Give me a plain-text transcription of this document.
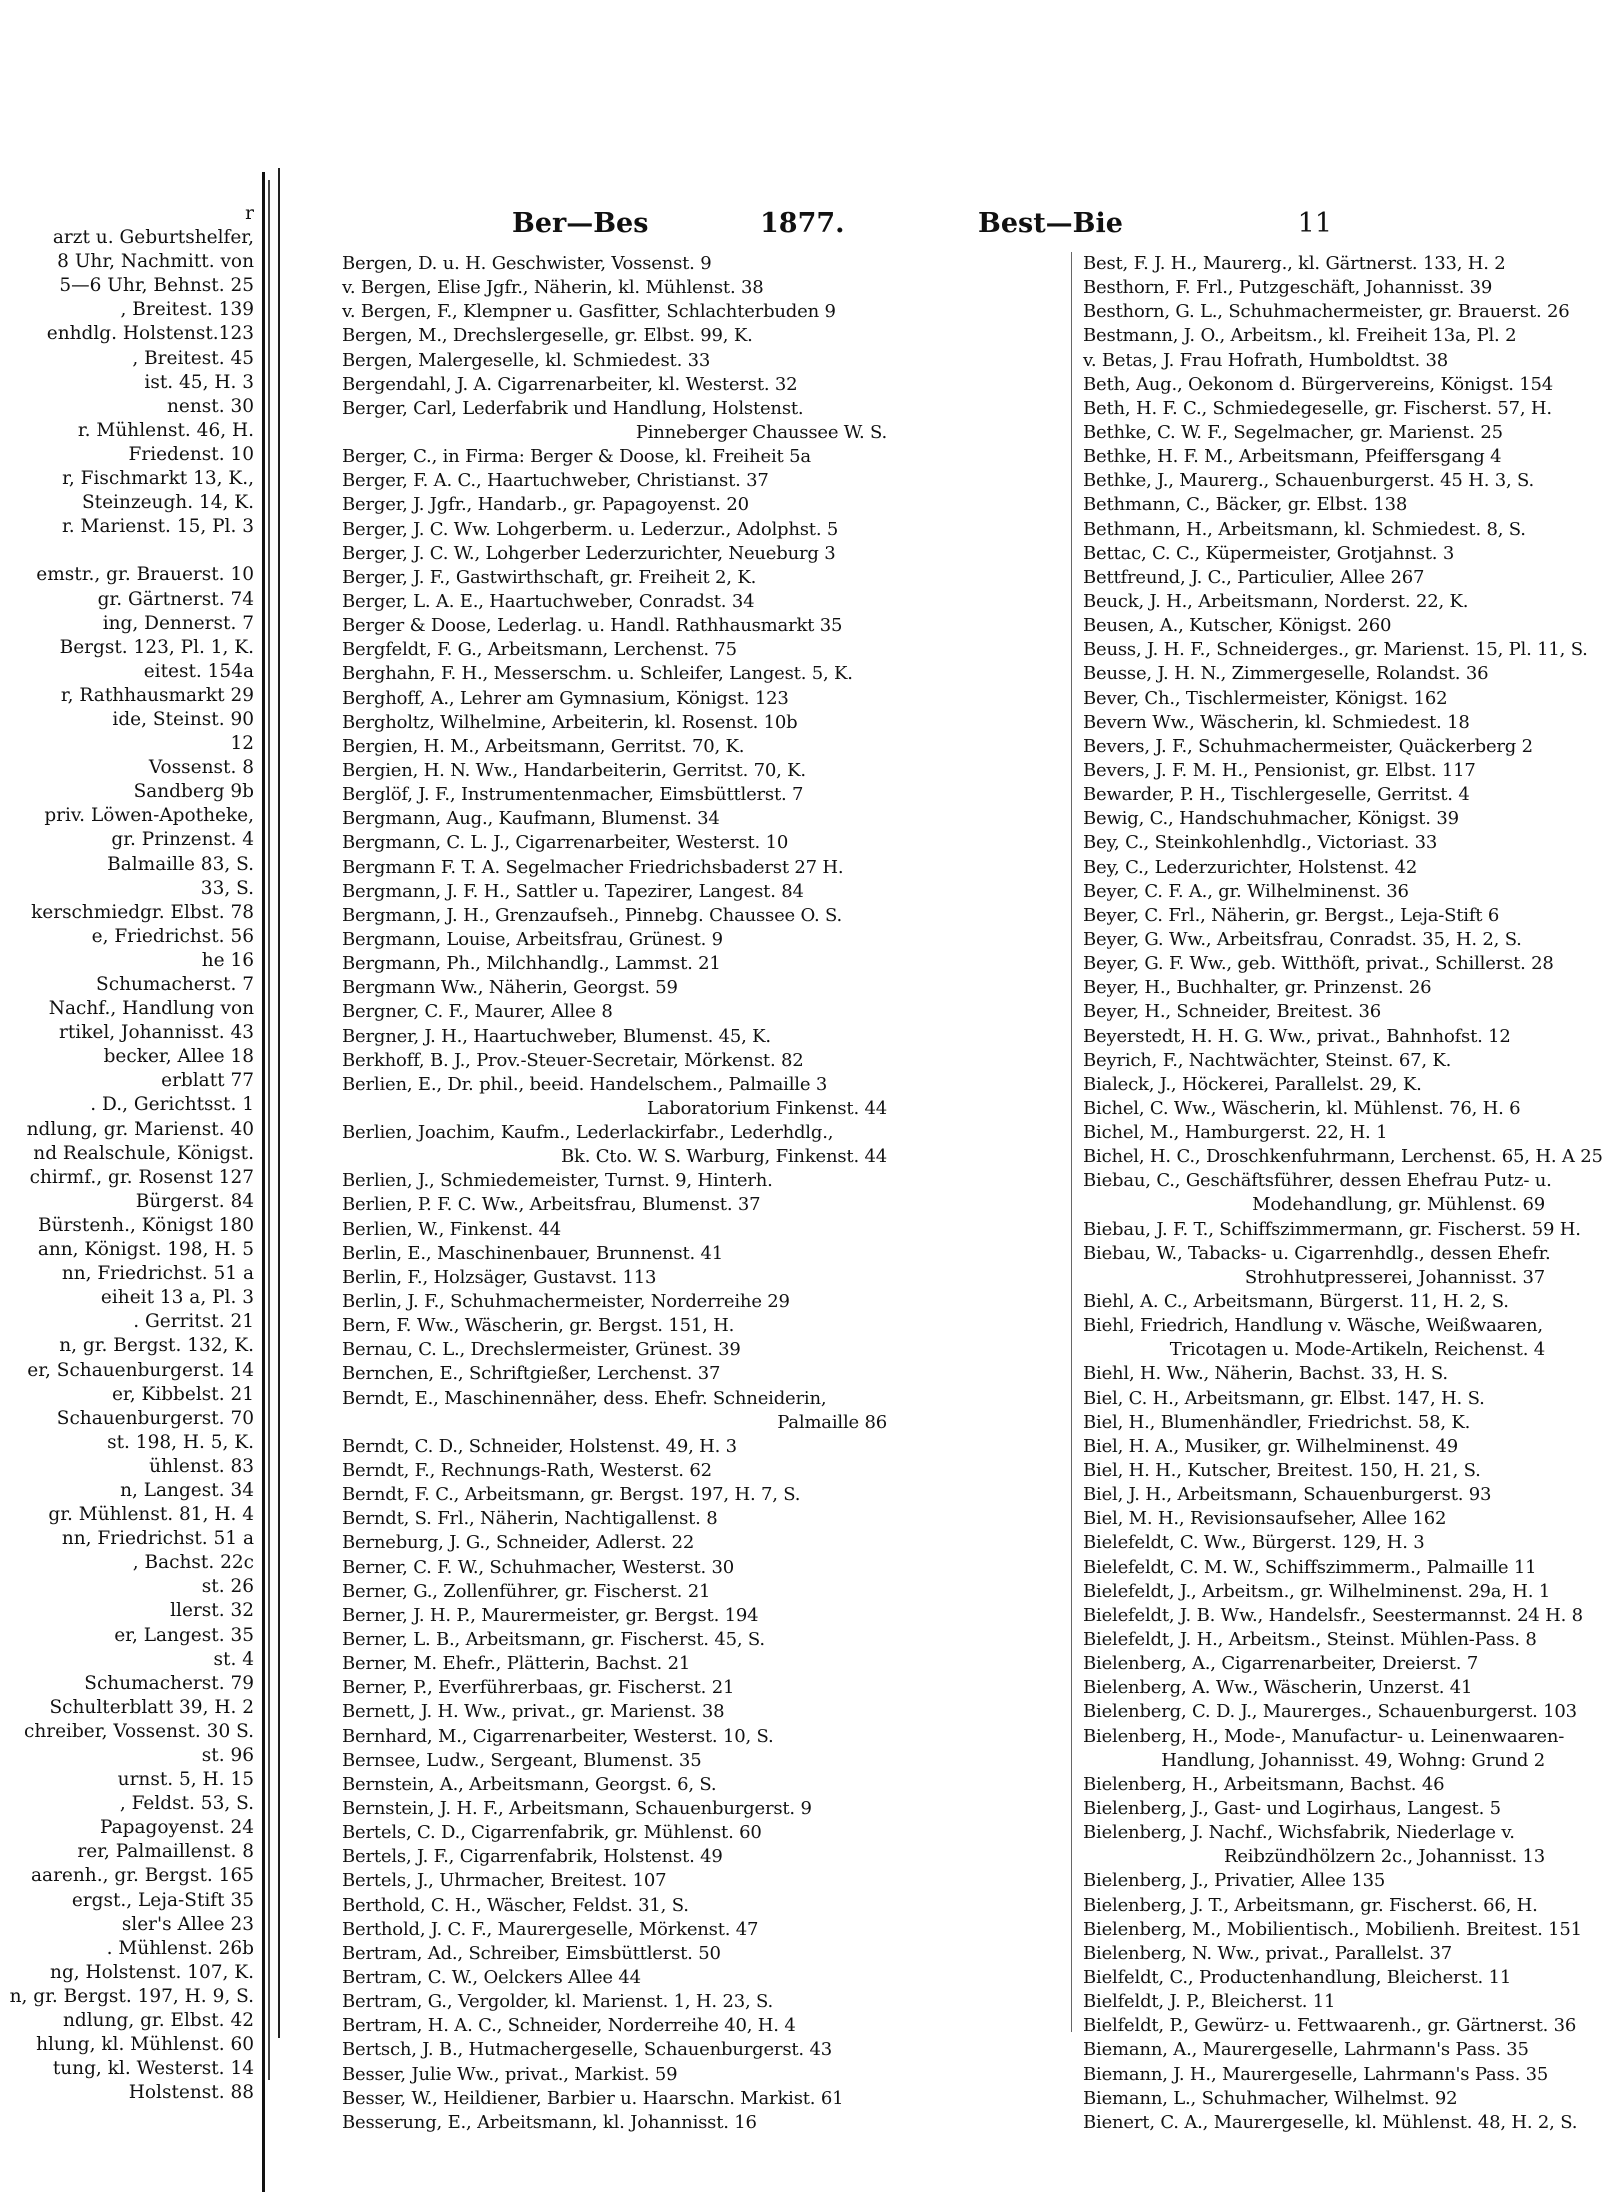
r
arzt u. Geburtshelfer,
8 Uhr, Nachmitt. von
5—6 Uhr, Behnst. 25
, Breitest. 139
enhdlg. Holstenst.123
, Breitest. 45
ist. 45, H. 3
nenst. 30
r. Mühlenst. 46, H.
Friedenst. 10
r, Fischmarkt 13, K.,
Steinzeugh. 14, K.
r. Marienst. 15, Pl. 3
emstr., gr. Brauerst. 10
gr. Gärtnerst. 74
ing, Dennerst. 7
Bergst. 123, Pl. 1, K.
eitest. 154a
r, Rathhausmarkt 29
ide, Steinst. 90
12
Vossenst. 8
Sandberg 9b
priv. Löwen-Apotheke,
gr. Prinzenst. 4
Balmaille 83, S.
33, S.
kerschmiedgr. Elbst. 78
e, Friedrichst. 56
he 16
Schumacherst. 7
Nachf., Handlung von
rtikel, Johannisst. 43
becker, Allee 18
erblatt 77
. D., Gerichtsst. 1
ndlung, gr. Marienst. 40
nd Realschule, Königst.
chirmf., gr. Rosenst 127
Bürgerst. 84
Bürstenh., Königst 180
ann, Königst. 198, H. 5
nn, Friedrichst. 51 a
eiheit 13 a, Pl. 3
. Gerritst. 21
n, gr. Bergst. 132, K.
er, Schauenburgerst. 14
er, Kibbelst. 21
Schauenburgerst. 70
st. 198, H. 5, K.
ühlenst. 83
n, Langest. 34
gr. Mühlenst. 81, H. 4
nn, Friedrichst. 51 a
, Bachst. 22c
st. 26
llerst. 32
er, Langest. 35
st. 4
Schumacherst. 79
Schulterblatt 39, H. 2
chreiber, Vossenst. 30 S.
st. 96
urnst. 5, H. 15
, Feldst. 53, S.
Papagoyenst. 24
rer, Palmaillenst. 8
aarenh., gr. Bergst. 165
ergst., Leja-Stift 35
sler's Allee 23
. Mühlenst. 26b
ng, Holstenst. 107, K.
n, gr. Bergst. 197, H. 9, S.
ndlung, gr. Elbst. 42
hlung, kl. Mühlenst. 60
tung, kl. Westerst. 14
Holstenst. 88
Ber—Bes	1877.	Best—Bie	11
Bergen, D. u. H. Geschwister, Vossenst. 9
v. Bergen, Elise Jgfr., Näherin, kl. Mühlenst. 38
v. Bergen, F., Klempner u. Gasfitter, Schlachterbuden 9
Bergen, M., Drechslergeselle, gr. Elbst. 99, K.
Bergen, Malergeselle, kl. Schmiedest. 33
Bergendahl, J. A. Cigarrenarbeiter, kl. Westerst. 32
Berger, Carl, Lederfabrik und Handlung, Holstenst.
Pinneberger Chaussee W. S.
Berger, C., in Firma: Berger & Doose, kl. Freiheit 5a
Berger, F. A. C., Haartuchweber, Christianst. 37
Berger, J. Jgfr., Handarb., gr. Papagoyenst. 20
Berger, J. C. Ww. Lohgerberm. u. Lederzur., Adolphst. 5
Berger, J. C. W., Lohgerber Lederzurichter, Neueburg 3
Berger, J. F., Gastwirthschaft, gr. Freiheit 2, K.
Berger, L. A. E., Haartuchweber, Conradst. 34
Berger & Doose, Lederlag. u. Handl. Rathhausmarkt 35
Bergfeldt, F. G., Arbeitsmann, Lerchenst. 75
Berghahn, F. H., Messerschm. u. Schleifer, Langest. 5, K.
Berghoff, A., Lehrer am Gymnasium, Königst. 123
Bergholtz, Wilhelmine, Arbeiterin, kl. Rosenst. 10b
Bergien, H. M., Arbeitsmann, Gerritst. 70, K.
Bergien, H. N. Ww., Handarbeiterin, Gerritst. 70, K.
Berglöf, J. F., Instrumentenmacher, Eimsbüttlerst. 7
Bergmann, Aug., Kaufmann, Blumenst. 34
Bergmann, C. L. J., Cigarrenarbeiter, Westerst. 10
Bergmann F. T. A. Segelmacher Friedrichsbaderst 27 H.
Bergmann, J. F. H., Sattler u. Tapezirer, Langest. 84
Bergmann, J. H., Grenzaufseh., Pinnebg. Chaussee O. S.
Bergmann, Louise, Arbeitsfrau, Grünest. 9
Bergmann, Ph., Milchhandlg., Lammst. 21
Bergmann Ww., Näherin, Georgst. 59
Bergner, C. F., Maurer, Allee 8
Bergner, J. H., Haartuchweber, Blumenst. 45, K.
Berkhoff, B. J., Prov.-Steuer-Secretair, Mörkenst. 82
Berlien, E., Dr. phil., beeid. Handelschem., Palmaille 3
Laboratorium Finkenst. 44
Berlien, Joachim, Kaufm., Lederlackirfabr., Lederhdlg.,
Bk. Cto. W. S. Warburg, Finkenst. 44
Berlien, J., Schmiedemeister, Turnst. 9, Hinterh.
Berlien, P. F. C. Ww., Arbeitsfrau, Blumenst. 37
Berlien, W., Finkenst. 44
Berlin, E., Maschinenbauer, Brunnenst. 41
Berlin, F., Holzsäger, Gustavst. 113
Berlin, J. F., Schuhmachermeister, Norderreihe 29
Bern, F. Ww., Wäscherin, gr. Bergst. 151, H.
Bernau, C. L., Drechslermeister, Grünest. 39
Bernchen, E., Schriftgießer, Lerchenst. 37
Berndt, E., Maschinennäher, dess. Ehefr. Schneiderin,
Palmaille 86
Berndt, C. D., Schneider, Holstenst. 49, H. 3
Berndt, F., Rechnungs-Rath, Westerst. 62
Berndt, F. C., Arbeitsmann, gr. Bergst. 197, H. 7, S.
Berndt, S. Frl., Näherin, Nachtigallenst. 8
Berneburg, J. G., Schneider, Adlerst. 22
Berner, C. F. W., Schuhmacher, Westerst. 30
Berner, G., Zollenführer, gr. Fischerst. 21
Berner, J. H. P., Maurermeister, gr. Bergst. 194
Berner, L. B., Arbeitsmann, gr. Fischerst. 45, S.
Berner, M. Ehefr., Plätterin, Bachst. 21
Berner, P., Everführerbaas, gr. Fischerst. 21
Bernett, J. H. Ww., privat., gr. Marienst. 38
Bernhard, M., Cigarrenarbeiter, Westerst. 10, S.
Bernsee, Ludw., Sergeant, Blumenst. 35
Bernstein, A., Arbeitsmann, Georgst. 6, S.
Bernstein, J. H. F., Arbeitsmann, Schauenburgerst. 9
Bertels, C. D., Cigarrenfabrik, gr. Mühlenst. 60
Bertels, J. F., Cigarrenfabrik, Holstenst. 49
Bertels, J., Uhrmacher, Breitest. 107
Berthold, C. H., Wäscher, Feldst. 31, S.
Berthold, J. C. F., Maurergeselle, Mörkenst. 47
Bertram, Ad., Schreiber, Eimsbüttlerst. 50
Bertram, C. W., Oelckers Allee 44
Bertram, G., Vergolder, kl. Marienst. 1, H. 23, S.
Bertram, H. A. C., Schneider, Norderreihe 40, H. 4
Bertsch, J. B., Hutmachergeselle, Schauenburgerst. 43
Besser, Julie Ww., privat., Markist. 59
Besser, W., Heildiener, Barbier u. Haarschn. Markist. 61
Besserung, E., Arbeitsmann, kl. Johannisst. 16
Best, F. J. H., Maurerg., kl. Gärtnerst. 133, H. 2
Besthorn, F. Frl., Putzgeschäft, Johannisst. 39
Besthorn, G. L., Schuhmachermeister, gr. Brauerst. 26
Bestmann, J. O., Arbeitsm., kl. Freiheit 13a, Pl. 2
v. Betas, J. Frau Hofrath, Humboldtst. 38
Beth, Aug., Oekonom d. Bürgervereins, Königst. 154
Beth, H. F. C., Schmiedegeselle, gr. Fischerst. 57, H.
Bethke, C. W. F., Segelmacher, gr. Marienst. 25
Bethke, H. F. M., Arbeitsmann, Pfeiffersgang 4
Bethke, J., Maurerg., Schauenburgerst. 45 H. 3, S.
Bethmann, C., Bäcker, gr. Elbst. 138
Bethmann, H., Arbeitsmann, kl. Schmiedest. 8, S.
Bettac, C. C., Küpermeister, Grotjahnst. 3
Bettfreund, J. C., Particulier, Allee 267
Beuck, J. H., Arbeitsmann, Norderst. 22, K.
Beusen, A., Kutscher, Königst. 260
Beuss, J. H. F., Schneiderges., gr. Marienst. 15, Pl. 11, S.
Beusse, J. H. N., Zimmergeselle, Rolandst. 36
Bever, Ch., Tischlermeister, Königst. 162
Bevern Ww., Wäscherin, kl. Schmiedest. 18
Bevers, J. F., Schuhmachermeister, Quäckerberg 2
Bevers, J. F. M. H., Pensionist, gr. Elbst. 117
Bewarder, P. H., Tischlergeselle, Gerritst. 4
Bewig, C., Handschuhmacher, Königst. 39
Bey, C., Steinkohlenhdlg., Victoriast. 33
Bey, C., Lederzurichter, Holstenst. 42
Beyer, C. F. A., gr. Wilhelminenst. 36
Beyer, C. Frl., Näherin, gr. Bergst., Leja-Stift 6
Beyer, G. Ww., Arbeitsfrau, Conradst. 35, H. 2, S.
Beyer, G. F. Ww., geb. Witthöft, privat., Schillerst. 28
Beyer, H., Buchhalter, gr. Prinzenst. 26
Beyer, H., Schneider, Breitest. 36
Beyerstedt, H. H. G. Ww., privat., Bahnhofst. 12
Beyrich, F., Nachtwächter, Steinst. 67, K.
Bialeck, J., Höckerei, Parallelst. 29, K.
Bichel, C. Ww., Wäscherin, kl. Mühlenst. 76, H. 6
Bichel, M., Hamburgerst. 22, H. 1
Bichel, H. C., Droschkenfuhrmann, Lerchenst. 65, H. A 25
Biebau, C., Geschäftsführer, dessen Ehefrau Putz- u.
Modehandlung, gr. Mühlenst. 69
Biebau, J. F. T., Schiffszimmermann, gr. Fischerst. 59 H.
Biebau, W., Tabacks- u. Cigarrenhdlg., dessen Ehefr.
Strohhutpresserei, Johannisst. 37
Biehl, A. C., Arbeitsmann, Bürgerst. 11, H. 2, S.
Biehl, Friedrich, Handlung v. Wäsche, Weißwaaren,
Tricotagen u. Mode-Artikeln, Reichenst. 4
Biehl, H. Ww., Näherin, Bachst. 33, H. S.
Biel, C. H., Arbeitsmann, gr. Elbst. 147, H. S.
Biel, H., Blumenhändler, Friedrichst. 58, K.
Biel, H. A., Musiker, gr. Wilhelminenst. 49
Biel, H. H., Kutscher, Breitest. 150, H. 21, S.
Biel, J. H., Arbeitsmann, Schauenburgerst. 93
Biel, M. H., Revisionsaufseher, Allee 162
Bielefeldt, C. Ww., Bürgerst. 129, H. 3
Bielefeldt, C. M. W., Schiffszimmerm., Palmaille 11
Bielefeldt, J., Arbeitsm., gr. Wilhelminenst. 29a, H. 1
Bielefeldt, J. B. Ww., Handelsfr., Seestermannst. 24 H. 8
Bielefeldt, J. H., Arbeitsm., Steinst. Mühlen-Pass. 8
Bielenberg, A., Cigarrenarbeiter, Dreierst. 7
Bielenberg, A. Ww., Wäscherin, Unzerst. 41
Bielenberg, C. D. J., Maurerges., Schauenburgerst. 103
Bielenberg, H., Mode-, Manufactur- u. Leinenwaaren-
Handlung, Johannisst. 49, Wohng: Grund 2
Bielenberg, H., Arbeitsmann, Bachst. 46
Bielenberg, J., Gast- und Logirhaus, Langest. 5
Bielenberg, J. Nachf., Wichsfabrik, Niederlage v.
Reibzündhölzern 2c., Johannisst. 13
Bielenberg, J., Privatier, Allee 135
Bielenberg, J. T., Arbeitsmann, gr. Fischerst. 66, H.
Bielenberg, M., Mobilientisch., Mobilienh. Breitest. 151
Bielenberg, N. Ww., privat., Parallelst. 37
Bielfeldt, C., Productenhandlung, Bleicherst. 11
Bielfeldt, J. P., Bleicherst. 11
Bielfeldt, P., Gewürz- u. Fettwaarenh., gr. Gärtnerst. 36
Biemann, A., Maurergeselle, Lahrmann's Pass. 35
Biemann, J. H., Maurergeselle, Lahrmann's Pass. 35
Biemann, L., Schuhmacher, Wilhelmst. 92
Bienert, C. A., Maurergeselle, kl. Mühlenst. 48, H. 2, S.
